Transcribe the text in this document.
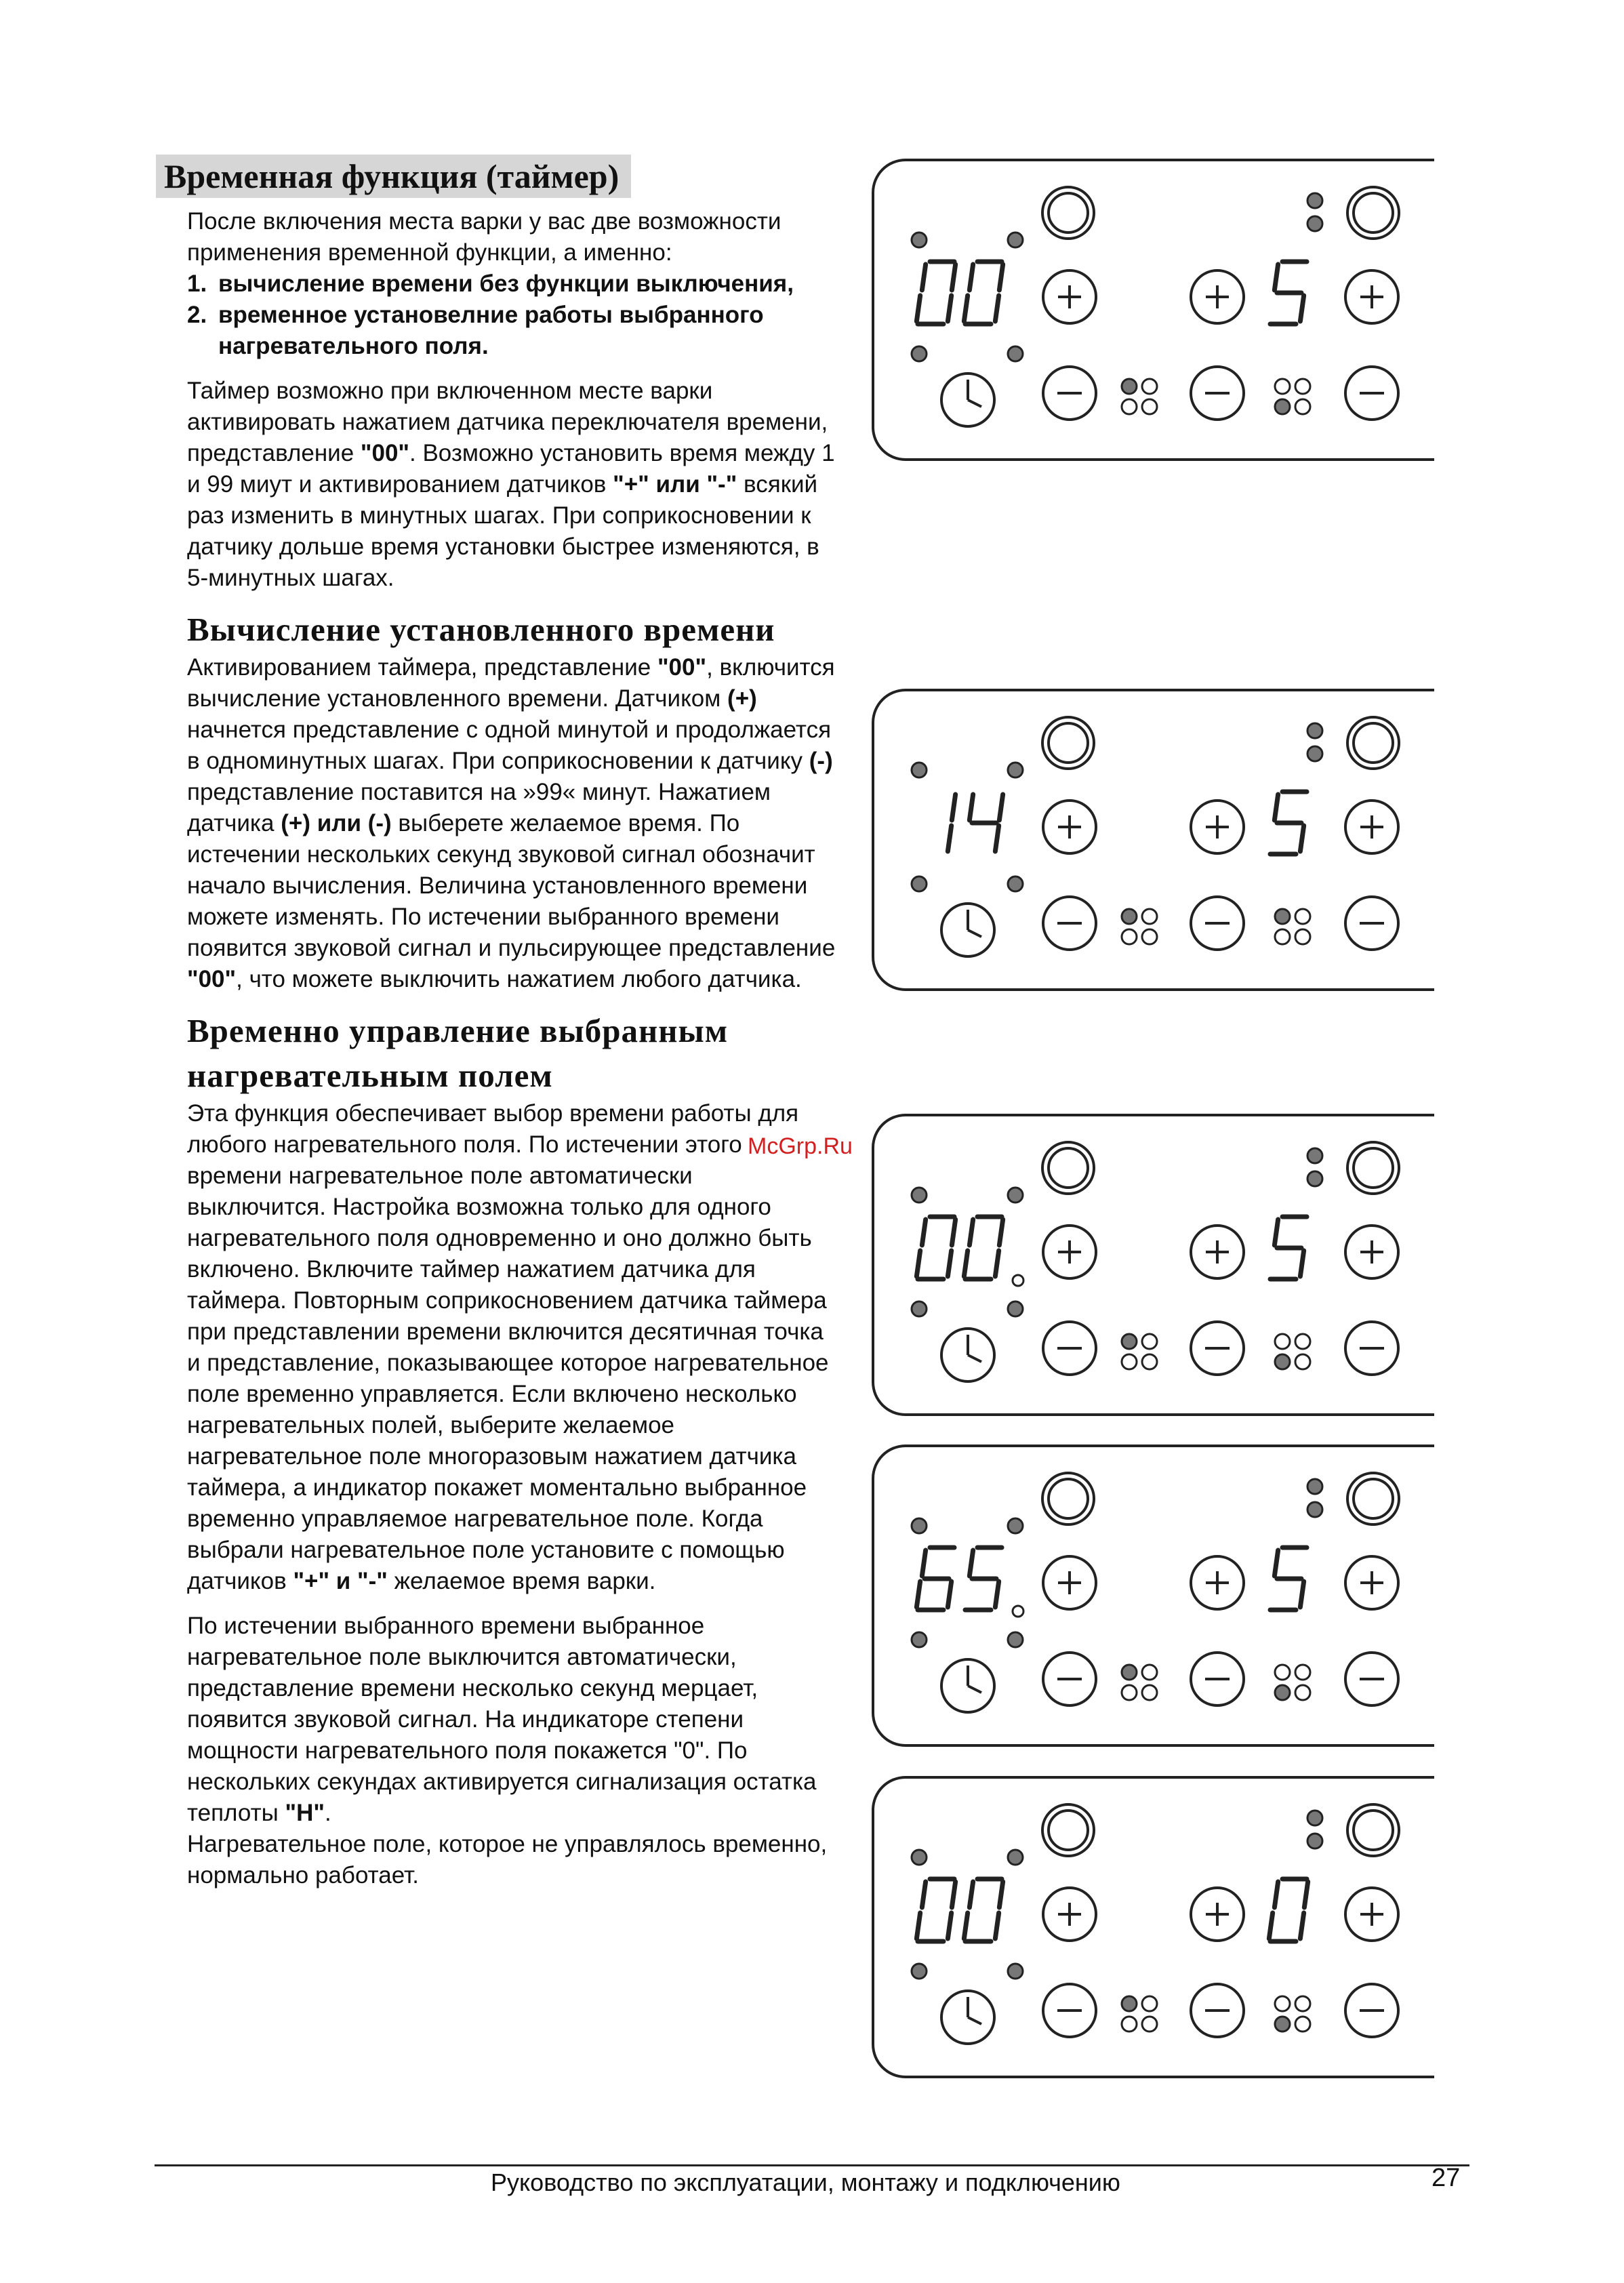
Временная функция (таймер)

После включения места варки у вас две возможности применения временной функции, а именно:

1. вычисление времени без функции выключения,
2. временное установелние работы выбранного нагревательного поля.

Таймер возможно при включенном месте варки активировать нажатием датчика переключателя времени, представление "00". Возможно установить время между 1 и 99 миут и активированием датчиков "+" или "-" всякий раз изменить в минутных шагах. При соприкосновении к датчику дольше время установки быстрее изменяются, в 5-минутных шагах.

Вычисление установленного времени

Активированием таймера, представление "00", включится вычисление установленного времени. Датчиком (+) начнется представление с одной минутой и продолжается в одноминутных шагах. При соприкосновении к датчику (-) представление поставится на »99« минут. Нажатием датчика (+) или (-) выберете желаемое время. По истечении нескольких секунд звуковой сигнал обозначит начало вычисления. Величина установленного времени можете изменять. По истечении выбранного времени появится звуковой сигнал и пульсирующее представление "00", что можете выключить нажатием любого датчика.

Временно управление выбранным
нагревательным полем

Эта функция обеспечивает выбор времени работы для любого нагревательного поля. По истечении этого времени нагревательное поле автоматически выключится. Настройка возможна только для одного нагревательного поля одновременно и оно должно быть включено. Включите таймер нажатием датчика для таймера. Повторным соприкосновением датчика таймера при представлении времени включится десятичная точка и представление, показывающее которое нагревательное поле временно управляется. Если включено несколько нагревательных полей, выберите желаемое нагревательное поле многоразовым нажатием датчика таймера, а индикатор покажет моментально выбранное временно управляемое нагревательное поле. Когда выбрали нагревательное поле установите с помощью датчиков "+" и "-" желаемое время варки.

По истечении выбранного времени выбранное нагревательное поле выключится автоматически, представление времени несколько секунд мерцает, появится звуковой сигнал. На индикаторе степени мощности нагревательного поля покажется "0". По нескольких секундах активируется сигнализация остатка теплоты "H".

Нагревательное поле, которое не управлялось временно, нормально работает.

McGrp.Ru
Руководство по эксплуатации, монтажу и подключению	27
